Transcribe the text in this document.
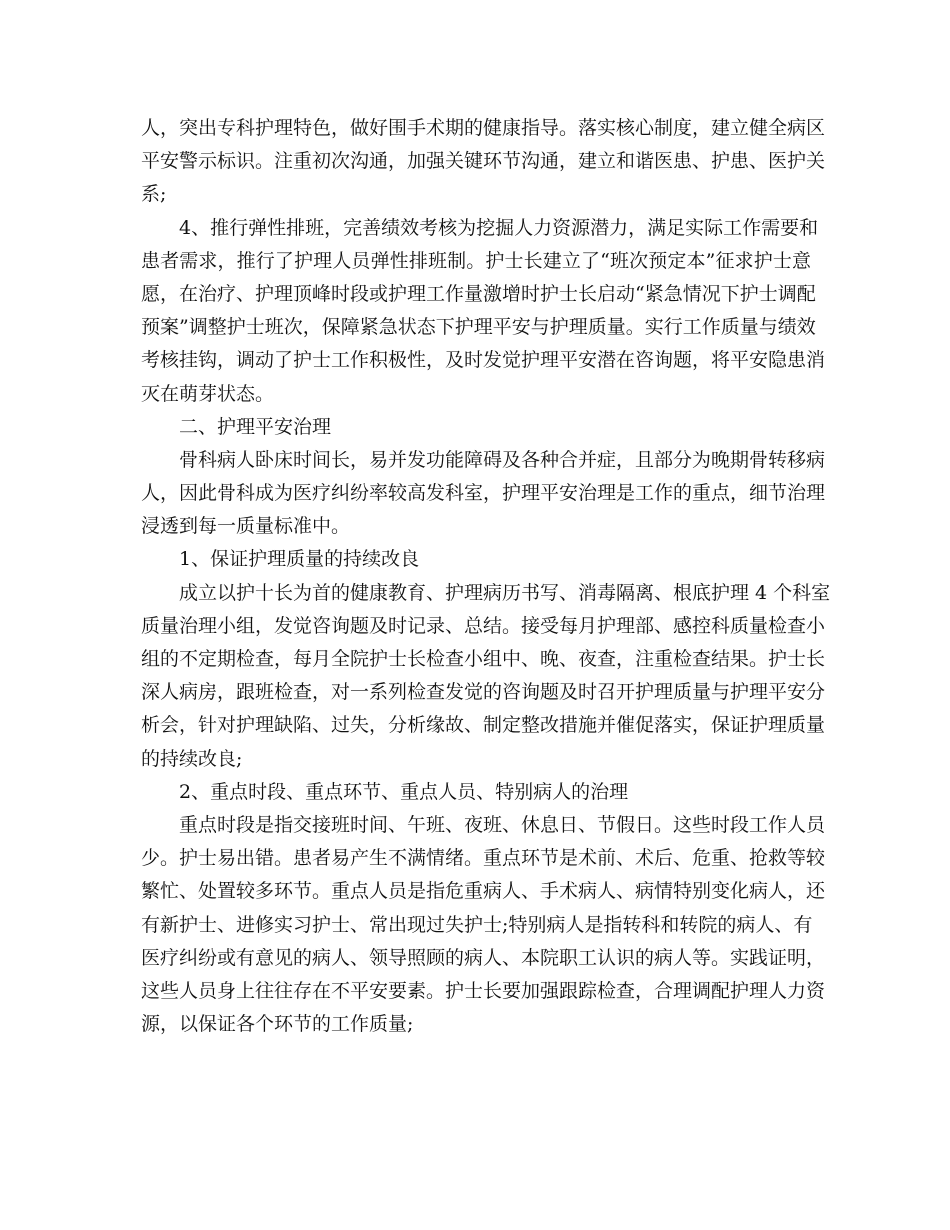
人，突出专科护理特色，做好围手术期的健康指导。落实核心制度，建立健全病区
平安警示标识。注重初次沟通，加强关键环节沟通，建立和谐医患、护患、医护关
系;
4、推行弹性排班，完善绩效考核为挖掘人力资源潜力，满足实际工作需要和
患者需求，推行了护理人员弹性排班制。护士长建立了“班次预定本”征求护士意
愿，在治疗、护理顶峰时段或护理工作量激增时护士长启动“紧急情况下护士调配
预案”调整护士班次，保障紧急状态下护理平安与护理质量。实行工作质量与绩效
考核挂钩，调动了护士工作积极性，及时发觉护理平安潜在咨询题，将平安隐患消
灭在萌芽状态。
二、护理平安治理
骨科病人卧床时间长，易并发功能障碍及各种合并症，且部分为晚期骨转移病
人，因此骨科成为医疗纠纷率较高发科室，护理平安治理是工作的重点，细节治理
浸透到每一质量标准中。
1、保证护理质量的持续改良
成立以护十长为首的健康教育、护理病历书写、消毒隔离、根底护理 4 个科室
质量治理小组，发觉咨询题及时记录、总结。接受每月护理部、感控科质量检查小
组的不定期检查，每月全院护士长检查小组中、晚、夜查，注重检查结果。护士长
深人病房，跟班检查，对一系列检查发觉的咨询题及时召开护理质量与护理平安分
析会，针对护理缺陷、过失，分析缘故、制定整改措施并催促落实，保证护理质量
的持续改良;
2、重点时段、重点环节、重点人员、特别病人的治理
重点时段是指交接班时间、午班、夜班、休息日、节假日。这些时段工作人员
少。护士易出错。患者易产生不满情绪。重点环节是术前、术后、危重、抢救等较
繁忙、处置较多环节。重点人员是指危重病人、手术病人、病情特别变化病人，还
有新护士、进修实习护士、常出现过失护士;特别病人是指转科和转院的病人、有
医疗纠纷或有意见的病人、领导照顾的病人、本院职工认识的病人等。实践证明，
这些人员身上往往存在不平安要素。护士长要加强跟踪检查，合理调配护理人力资
源，以保证各个环节的工作质量;
